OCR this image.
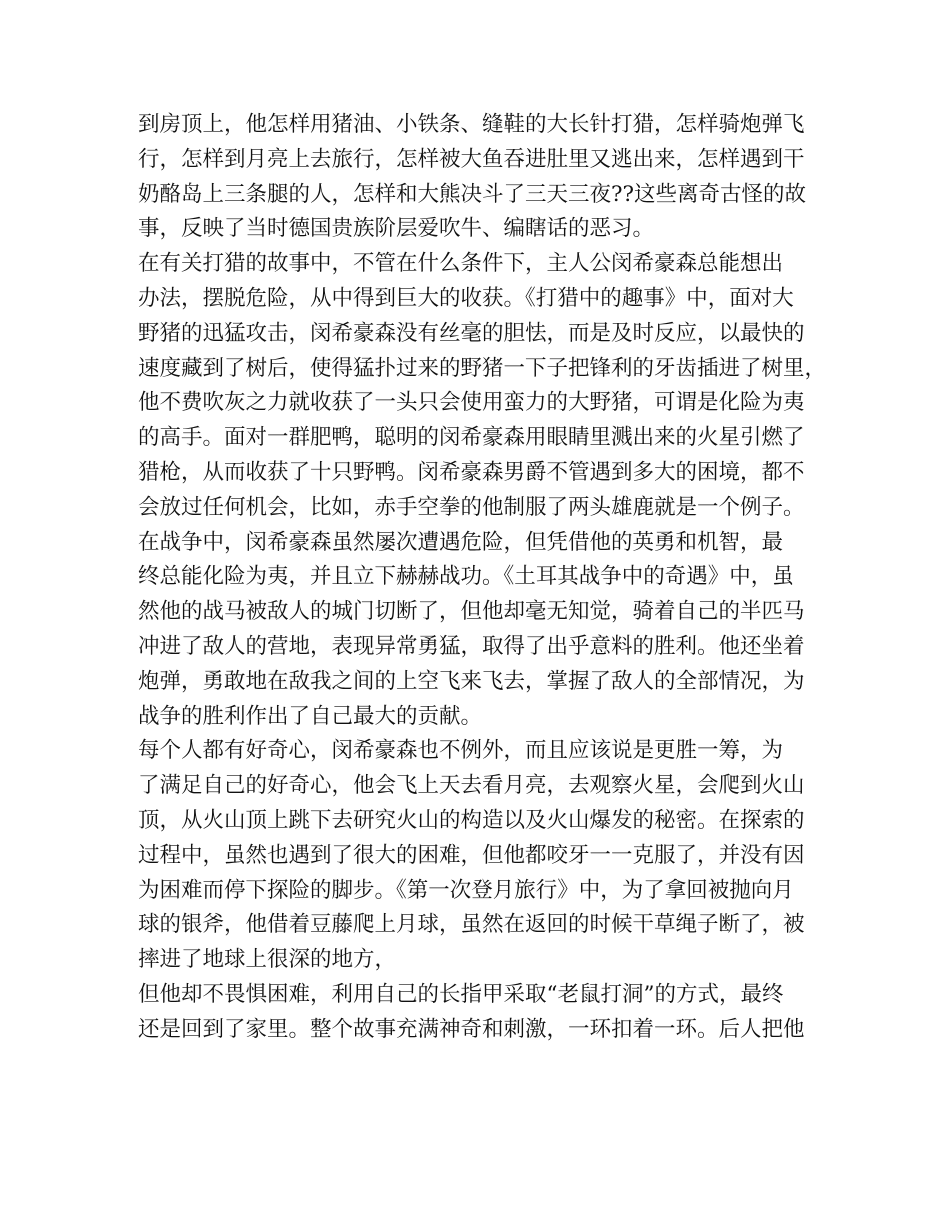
到房顶上，他怎样用猪油、小铁条、缝鞋的大长针打猎，怎样骑炮弹飞
行，怎样到月亮上去旅行，怎样被大鱼吞进肚里又逃出来，怎样遇到干
奶酪岛上三条腿的人，怎样和大熊决斗了三天三夜??这些离奇古怪的故
事，反映了当时德国贵族阶层爱吹牛、编瞎话的恶习。
在有关打猎的故事中，不管在什么条件下，主人公闵希豪森总能想出
办法，摆脱危险，从中得到巨大的收获。《打猎中的趣事》中，面对大
野猪的迅猛攻击，闵希豪森没有丝毫的胆怯，而是及时反应，以最快的
速度藏到了树后，使得猛扑过来的野猪一下子把锋利的牙齿插进了树里，
他不费吹灰之力就收获了一头只会使用蛮力的大野猪，可谓是化险为夷
的高手。面对一群肥鸭，聪明的闵希豪森用眼睛里溅出来的火星引燃了
猎枪，从而收获了十只野鸭。闵希豪森男爵不管遇到多大的困境，都不
会放过任何机会，比如，赤手空拳的他制服了两头雄鹿就是一个例子。
在战争中，闵希豪森虽然屡次遭遇危险，但凭借他的英勇和机智，最
终总能化险为夷，并且立下赫赫战功。《土耳其战争中的奇遇》中，虽
然他的战马被敌人的城门切断了，但他却毫无知觉，骑着自己的半匹马
冲进了敌人的营地，表现异常勇猛，取得了出乎意料的胜利。他还坐着
炮弹，勇敢地在敌我之间的上空飞来飞去，掌握了敌人的全部情况，为
战争的胜利作出了自己最大的贡献。
每个人都有好奇心，闵希豪森也不例外，而且应该说是更胜一筹，为
了满足自己的好奇心，他会飞上天去看月亮，去观察火星，会爬到火山
顶，从火山顶上跳下去研究火山的构造以及火山爆发的秘密。在探索的
过程中，虽然也遇到了很大的困难，但他都咬牙一一克服了，并没有因
为困难而停下探险的脚步。《第一次登月旅行》中，为了拿回被抛向月
球的银斧，他借着豆藤爬上月球，虽然在返回的时候干草绳子断了，被
摔进了地球上很深的地方，
但他却不畏惧困难，利用自己的长指甲采取“老鼠打洞”的方式，最终
还是回到了家里。整个故事充满神奇和刺激，一环扣着一环。后人把他
